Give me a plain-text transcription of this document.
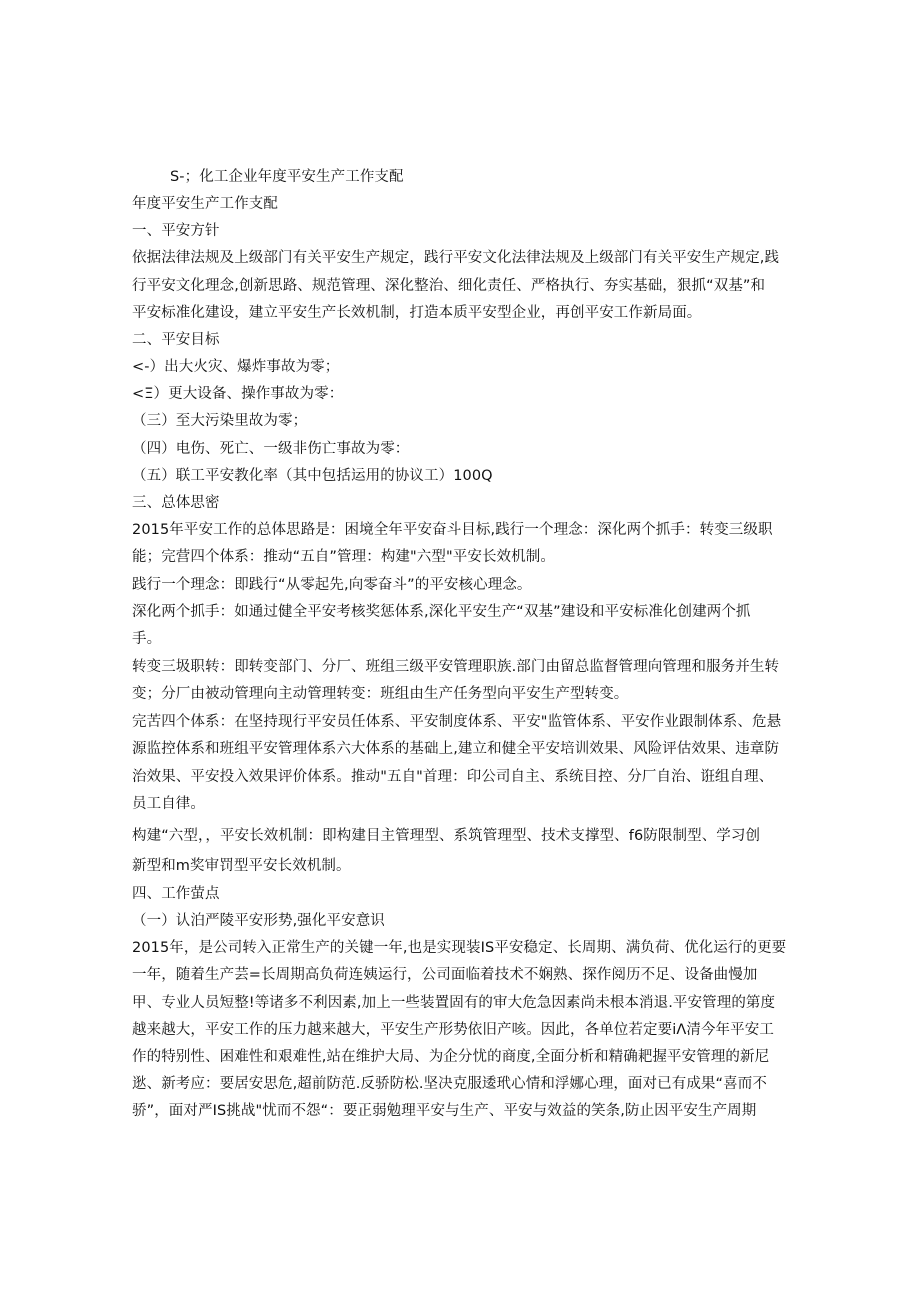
S-；化工企业年度平安生产工作支配
年度平安生产工作支配
一、平安方针
依据法律法规及上级部门有关平安生产规定，践行平安文化法律法规及上级部门有关平安生产规定,践
行平安文化理念,创新思路、规范管理、深化整治、细化责任、严格执行、夯实基础，狠抓“双基”和
平安标准化建设，建立平安生产长效机制，打造本质平安型企业，再创平安工作新局面。
二、平安目标
<-）出大火灾、爆炸事故为零；
<Ξ）更大设备、操作事故为零：
（三）至大污染里故为零；
（四）电伤、死亡、一级非伤亡事故为零：
（五）联工平安教化率（其中包括运用的协议工）100Q
三、总体思密
2015年平安工作的总体思路是：困境全年平安奋斗目标,践行一个理念：深化两个抓手：转变三级职
能；完营四个体系：推动“五自”管理：构建"六型"平安长效机制。
践行一个理念：即践行“从零起先,向零奋斗”的平安核心理念。
深化两个抓手：如通过健全平安考核奖惩体系,深化平安生产“双基”建设和平安标准化创建两个抓
手。
转变三圾职转：即转变部门、分厂、班组三级平安管理职族.部门由留总监督管理向管理和服务并生转
变；分厂由被动管理向主动管理转变：班组由生产任务型向平安生产型转变。
完苦四个体系：在坚持现行平安员任体系、平安制度体系、平安"监管体系、平安作业跟制体系、危悬
源监控体系和班组平安管理体系六大体系的基础上,建立和健全平安培训效果、风险评估效果、违章防
治效果、平安投入效果评价体系。推动"五自"首理：印公司自主、系统目控、分厂自治、诳组自理、
员工自律。
构建“六型，，平安长效机制：即构建目主管理型、系筑管理型、技术支撑型、f6防限制型、学习创
新型和m奖审罚型平安长效机制。
四、工作萤点
（一）认泊严陵平安形势,强化平安意识
2015年，是公司转入正常生产的关键一年,也是实现装IS平安稳定、长周期、满负荷、优化运行的更要
一年，随着生产芸=长周期高负荷连姨运行，公司面临着技术不娴熟、探作阅历不足、设备曲慢加
甲、专业人员短整!等诸多不利因素,加上一些装置固有的审大危急因素尚未根本消退.平安管理的第度
越来越大，平安工作的压力越来越大，平安生产形势依旧产咳。因此，各单位若定要iΛ清今年平安工
作的特别性、困难性和艰难性,站在维护大局、为企分忧的商度,全面分析和精确耙握平安管理的新尼
逖、新考应：要居安思危,超前防范.反骄防松.坚决克服逶玳心情和浮娜心理，面对已有成果“喜而不
骄”，面对严IS挑战"忧而不怨“：要正弱勉理平安与生产、平安与效益的笑条,防止因平安生产周期
